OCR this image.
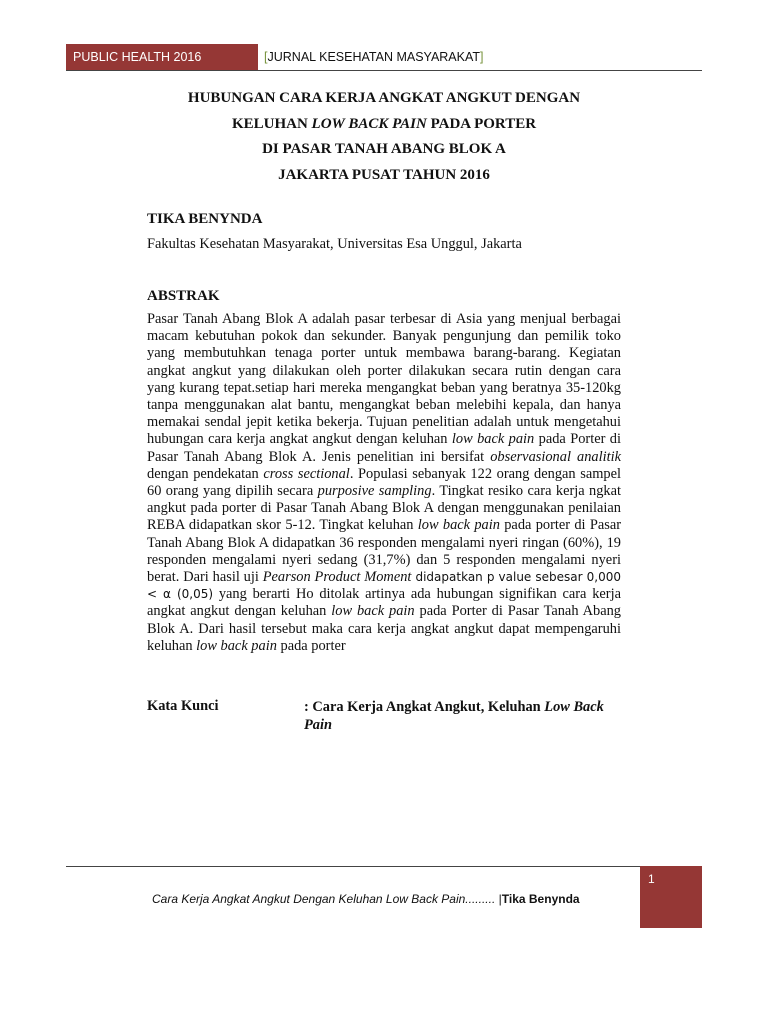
PUBLIC HEALTH 2016	[JURNAL KESEHATAN MASYARAKAT]
HUBUNGAN CARA KERJA ANGKAT ANGKUT DENGAN
KELUHAN LOW BACK PAIN PADA PORTER
DI PASAR TANAH ABANG BLOK A
JAKARTA PUSAT TAHUN 2016
TIKA BENYNDA
Fakultas Kesehatan Masyarakat, Universitas Esa Unggul, Jakarta
ABSTRAK
Pasar Tanah Abang Blok A adalah pasar terbesar di Asia yang menjual berbagai macam kebutuhan pokok dan sekunder. Banyak pengunjung dan pemilik toko yang membutuhkan tenaga porter untuk membawa barang-barang. Kegiatan angkat angkut yang dilakukan oleh porter dilakukan secara rutin dengan cara yang kurang tepat.setiap hari mereka mengangkat beban yang beratnya 35-120kg tanpa menggunakan alat bantu, mengangkat beban melebihi kepala, dan hanya memakai sendal jepit ketika bekerja. Tujuan penelitian adalah untuk mengetahui hubungan cara kerja angkat angkut dengan keluhan low back pain pada Porter di Pasar Tanah Abang Blok A. Jenis penelitian ini bersifat observasional analitik dengan pendekatan cross sectional. Populasi sebanyak 122 orang dengan sampel 60 orang yang dipilih secara purposive sampling. Tingkat resiko cara kerja ngkat angkut pada porter di Pasar Tanah Abang Blok A dengan menggunakan penilaian REBA didapatkan skor 5-12. Tingkat keluhan low back pain pada porter di Pasar Tanah Abang Blok A didapatkan 36 responden mengalami nyeri ringan (60%), 19 responden mengalami nyeri sedang (31,7%) dan 5 responden mengalami nyeri berat. Dari hasil uji Pearson Product Moment didapatkan p value sebesar 0,000 < α (0,05) yang berarti Ho ditolak artinya ada hubungan signifikan cara kerja angkat angkut dengan keluhan low back pain pada Porter di Pasar Tanah Abang Blok A. Dari hasil tersebut maka cara kerja angkat angkut dapat mempengaruhi keluhan low back pain pada porter
Kata Kunci	: Cara Kerja Angkat Angkut, Keluhan Low Back Pain
1
Cara Kerja Angkat Angkut Dengan Keluhan Low Back Pain......... |Tika Benynda
